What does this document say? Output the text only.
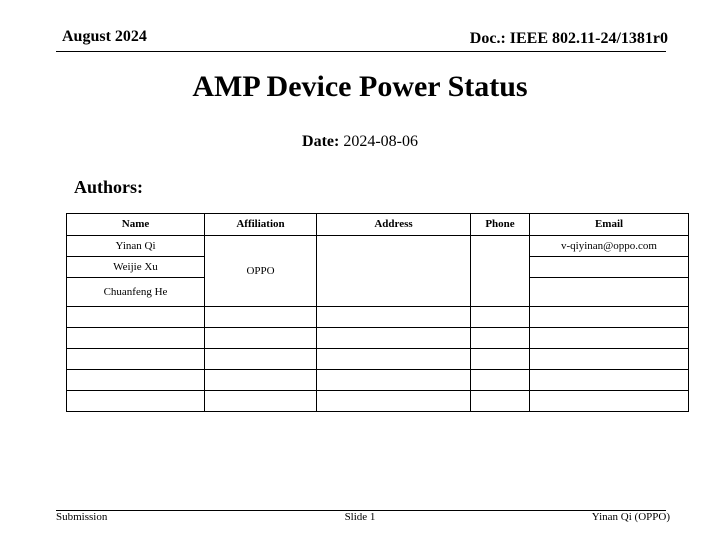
August 2024	Doc.: IEEE 802.11-24/1381r0
AMP Device Power Status
Date: 2024-08-06
Authors:
Name	Affiliation	Address	Phone	Email
Yinan Qi	OPPO			v-qiyinan@oppo.com
Weijie Xu				
Chuanfeng He				

Submission	Slide 1	Yinan Qi (OPPO)
